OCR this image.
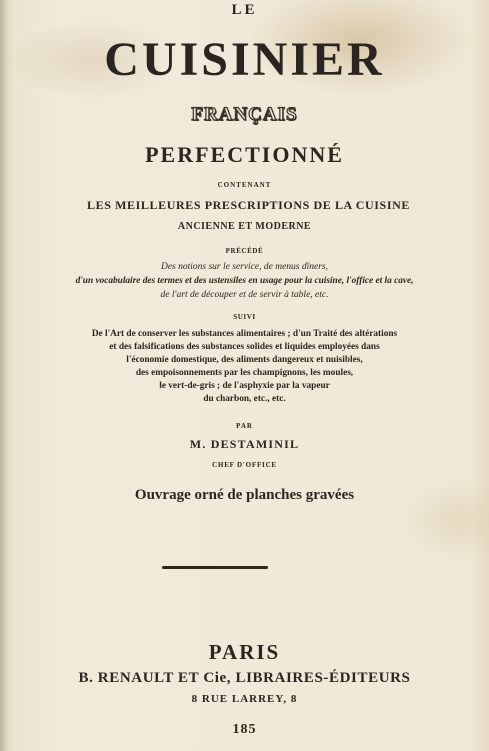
LE
CUISINIER
FRANÇAIS
PERFECTIONNÉ
CONTENANT
LES MEILLEURES PRESCRIPTIONS DE LA CUISINE
ANCIENNE ET MODERNE
PRÉCÉDÉ
Des notions sur le service, de menus dîners,
d'un vocabulaire des termes et des ustensiles en usage pour la cuisine, l'office et la cave,
de l'art de découper et de servir à table, etc.
SUIVI
De l'Art de conserver les substances alimentaires ; d'un Traité des altérations
et des falsifications des substances solides et liquides employées dans
l'économie domestique, des aliments dangereux et nuisibles,
des empoisonnements par les champignons, les moules,
le vert-de-gris ; de l'asphyxie par la vapeur
du charbon, etc., etc.
PAR
M. DESTAMINIL
CHEF D'OFFICE
Ouvrage orné de planches gravées
PARIS
B. RENAULT ET Cie, LIBRAIRES-ÉDITEURS
8 RUE LARREY, 8
185
